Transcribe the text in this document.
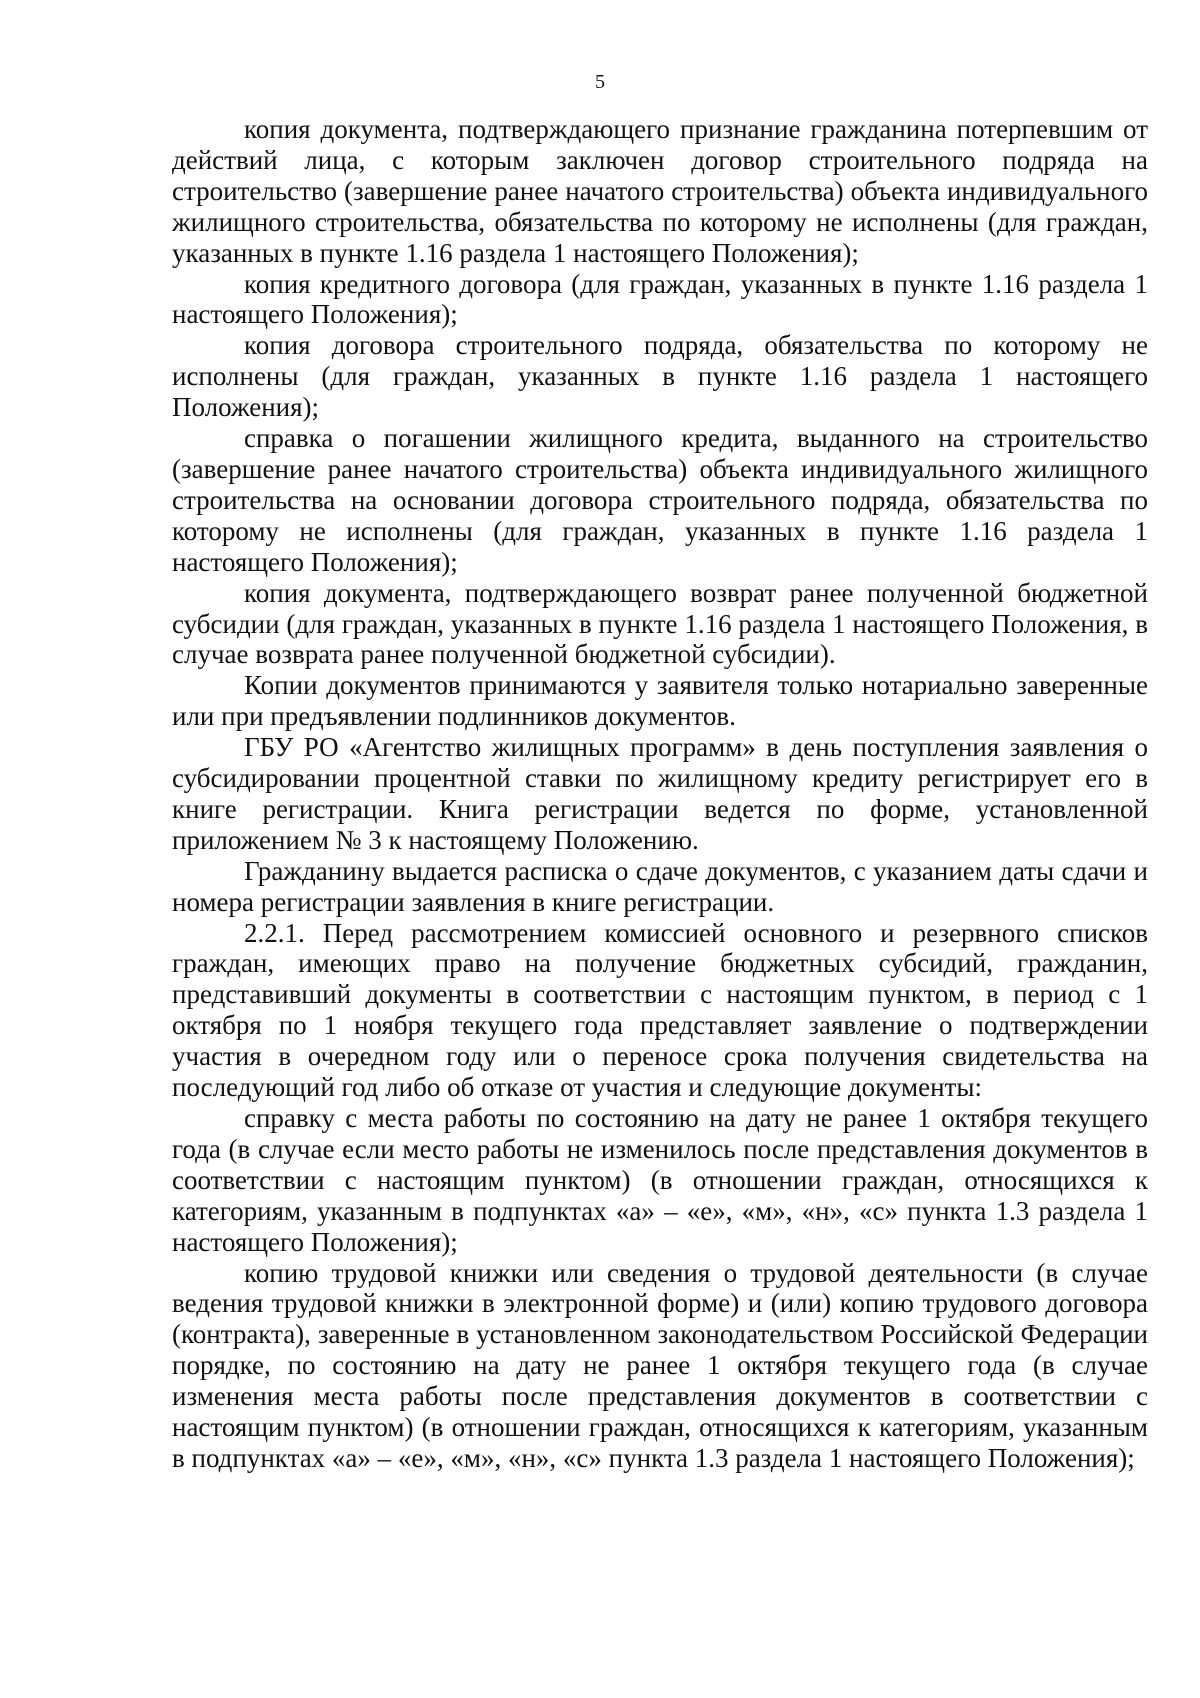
5

копия документа, подтверждающего признание гражданина потерпевшим от действий лица, с которым заключен договор строительного подряда на строительство (завершение ранее начатого строительства) объекта индивидуального жилищного строительства, обязательства по которому не исполнены (для граждан, указанных в пункте 1.16 раздела 1 настоящего Положения);

копия кредитного договора (для граждан, указанных в пункте 1.16 раздела 1 настоящего Положения);

копия договора строительного подряда, обязательства по которому не исполнены (для граждан, указанных в пункте 1.16 раздела 1 настоящего Положения);

справка о погашении жилищного кредита, выданного на строительство (завершение ранее начатого строительства) объекта индивидуального жилищного строительства на основании договора строительного подряда, обязательства по которому не исполнены (для граждан, указанных в пункте 1.16 раздела 1 настоящего Положения);

копия документа, подтверждающего возврат ранее полученной бюджетной субсидии (для граждан, указанных в пункте 1.16 раздела 1 настоящего Положения, в случае возврата ранее полученной бюджетной субсидии).

Копии документов принимаются у заявителя только нотариально заверенные или при предъявлении подлинников документов.

ГБУ РО «Агентство жилищных программ» в день поступления заявления о субсидировании процентной ставки по жилищному кредиту регистрирует его в книге регистрации. Книга регистрации ведется по форме, установленной приложением № 3 к настоящему Положению.

Гражданину выдается расписка о сдаче документов, с указанием даты сдачи и номера регистрации заявления в книге регистрации.

2.2.1. Перед рассмотрением комиссией основного и резервного списков граждан, имеющих право на получение бюджетных субсидий, гражданин, представивший документы в соответствии с настоящим пунктом, в период с 1 октября по 1 ноября текущего года представляет заявление о подтверждении участия в очередном году или о переносе срока получения свидетельства на последующий год либо об отказе от участия и следующие документы:

справку с места работы по состоянию на дату не ранее 1 октября текущего года (в случае если место работы не изменилось после представления документов в соответствии с настоящим пунктом) (в отношении граждан, относящихся к категориям, указанным в подпунктах «а» – «е», «м», «н», «с» пункта 1.3 раздела 1 настоящего Положения);

копию трудовой книжки или сведения о трудовой деятельности (в случае ведения трудовой книжки в электронной форме) и (или) копию трудового договора (контракта), заверенные в установленном законодательством Российской Федерации порядке, по состоянию на дату не ранее 1 октября текущего года (в случае изменения места работы после представления документов в соответствии с настоящим пунктом) (в отношении граждан, относящихся к категориям, указанным в подпунктах «а» – «е», «м», «н», «с» пункта 1.3 раздела 1 настоящего Положения);
